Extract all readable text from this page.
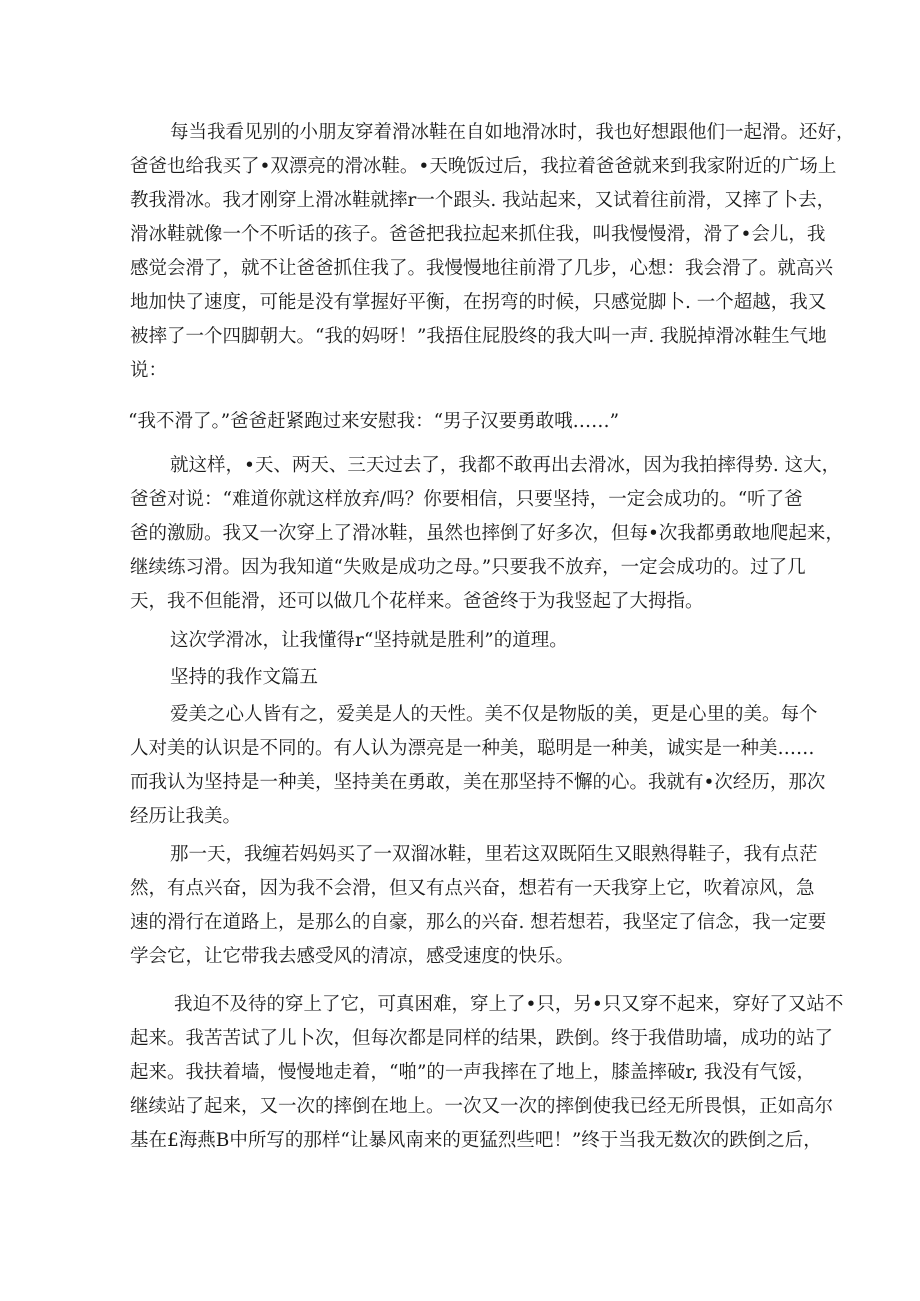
每当我看见别的小朋友穿着滑冰鞋在自如地滑冰时，我也好想跟他们一起滑。还好，
爸爸也给我买了•双漂亮的滑冰鞋。•天晚饭过后，我拉着爸爸就来到我家附近的广场上
教我滑冰。我才刚穿上滑冰鞋就摔r一个跟头. 我站起来，又试着往前滑，又摔了卜去，
滑冰鞋就像一个不听话的孩子。爸爸把我拉起来抓住我，叫我慢慢滑，滑了•会儿，我
感觉会滑了，就不让爸爸抓住我了。我慢慢地往前滑了几步，心想：我会滑了。就高兴
地加快了速度，可能是没有掌握好平衡，在拐弯的时候，只感觉脚卜. 一个超越，我又
被摔了一个四脚朝大。“我的妈呀！”我捂住屁股终的我大叫一声. 我脱掉滑冰鞋生气地
说：
“我不滑了。”爸爸赶紧跑过来安慰我：“男子汉要勇敢哦……”
就这样，•天、两天、三天过去了，我都不敢再出去滑冰，因为我拍摔得势. 这大，
爸爸对说：“难道你就这样放弃/吗？你要相信，只要坚持，一定会成功的。“听了爸
爸的激励。我又一次穿上了滑冰鞋，虽然也摔倒了好多次，但每•次我都勇敢地爬起来，
继续练习滑。因为我知道“失败是成功之母。”只要我不放弃，一定会成功的。过了几
天，我不但能滑，还可以做几个花样来。爸爸终于为我竖起了大拇指。
这次学滑冰，让我懂得r“坚持就是胜利”的道理。
坚持的我作文篇五
爱美之心人皆有之，爱美是人的天性。美不仅是物版的美，更是心里的美。每个
人对美的认识是不同的。有人认为漂亮是一种美，聪明是一种美，诚实是一种美……
而我认为坚持是一种美，坚持美在勇敢，美在那坚持不懈的心。我就有•次经历，那次
经历让我美。
那一天，我缠若妈妈买了一双溜冰鞋，里若这双既陌生又眼熟得鞋子，我有点茫
然，有点兴奋，因为我不会滑，但又有点兴奋，想若有一天我穿上它，吹着凉风，急
速的滑行在道路上，是那么的自豪，那么的兴奋. 想若想若，我坚定了信念，我一定要
学会它，让它带我去感受风的清凉，感受速度的快乐。
我迫不及待的穿上了它，可真困难，穿上了•只，另•只又穿不起来，穿好了又站不
起来。我苦苦试了儿卜次，但每次都是同样的结果，跌倒。终于我借助墙，成功的站了
起来。我扶着墙，慢慢地走着，“啪”的一声我摔在了地上，膝盖摔破r, 我没有气馁，
继续站了起来，又一次的摔倒在地上。一次又一次的摔倒使我已经无所畏惧，正如高尔
基在£海燕B中所写的那样“让暴风南来的更猛烈些吧！”终于当我无数次的跌倒之后，
